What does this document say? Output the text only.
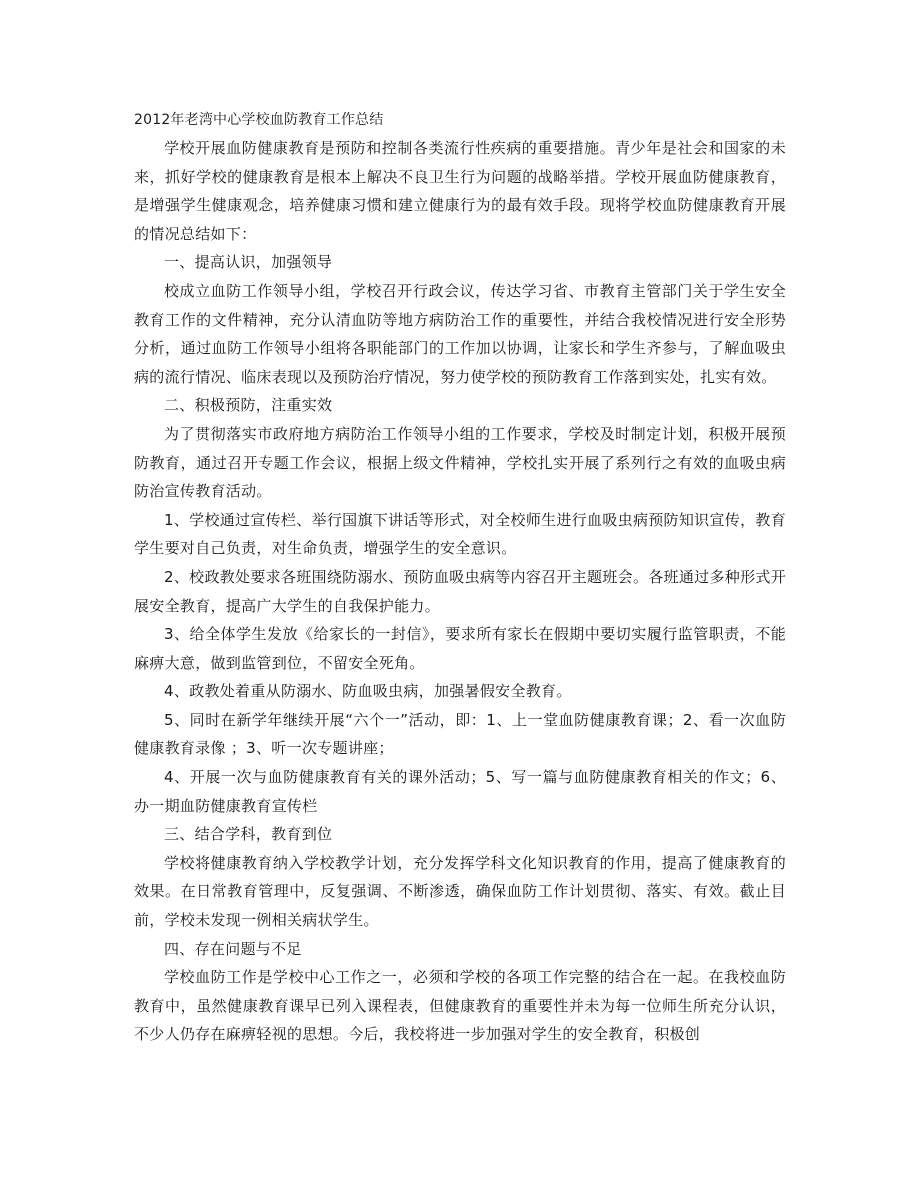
2012年老湾中心学校血防教育工作总结

学校开展血防健康教育是预防和控制各类流行性疾病的重要措施。青少年是社会和国家的未来，抓好学校的健康教育是根本上解决不良卫生行为问题的战略举措。学校开展血防健康教育，是增强学生健康观念，培养健康习惯和建立健康行为的最有效手段。现将学校血防健康教育开展的情况总结如下：

一、提高认识，加强领导

校成立血防工作领导小组，学校召开行政会议，传达学习省、市教育主管部门关于学生安全教育工作的文件精神，充分认清血防等地方病防治工作的重要性，并结合我校情况进行安全形势分析，通过血防工作领导小组将各职能部门的工作加以协调，让家长和学生齐参与，了解血吸虫病的流行情况、临床表现以及预防治疗情况，努力使学校的预防教育工作落到实处，扎实有效。

二、积极预防，注重实效

为了贯彻落实市政府地方病防治工作领导小组的工作要求，学校及时制定计划，积极开展预防教育，通过召开专题工作会议，根据上级文件精神，学校扎实开展了系列行之有效的血吸虫病防治宣传教育活动。

1、学校通过宣传栏、举行国旗下讲话等形式，对全校师生进行血吸虫病预防知识宣传，教育学生要对自己负责，对生命负责，增强学生的安全意识。

2、校政教处要求各班围绕防溺水、预防血吸虫病等内容召开主题班会。各班通过多种形式开展安全教育，提高广大学生的自我保护能力。

3、给全体学生发放《给家长的一封信》，要求所有家长在假期中要切实履行监管职责，不能麻痹大意，做到监管到位，不留安全死角。

4、政教处着重从防溺水、防血吸虫病，加强暑假安全教育。

5、同时在新学年继续开展“六个一”活动，即：1、上一堂血防健康教育课；2、看一次血防健康教育录像 ；3、听一次专题讲座；

4、开展一次与血防健康教育有关的课外活动；5、写一篇与血防健康教育相关的作文；6、办一期血防健康教育宣传栏

三、结合学科，教育到位

学校将健康教育纳入学校教学计划，充分发挥学科文化知识教育的作用，提高了健康教育的效果。在日常教育管理中，反复强调、不断渗透，确保血防工作计划贯彻、落实、有效。截止目前，学校未发现一例相关病状学生。

四、存在问题与不足

学校血防工作是学校中心工作之一，必须和学校的各项工作完整的结合在一起。在我校血防教育中，虽然健康教育课早已列入课程表，但健康教育的重要性并未为每一位师生所充分认识，不少人仍存在麻痹轻视的思想。今后，我校将进一步加强对学生的安全教育，积极创
